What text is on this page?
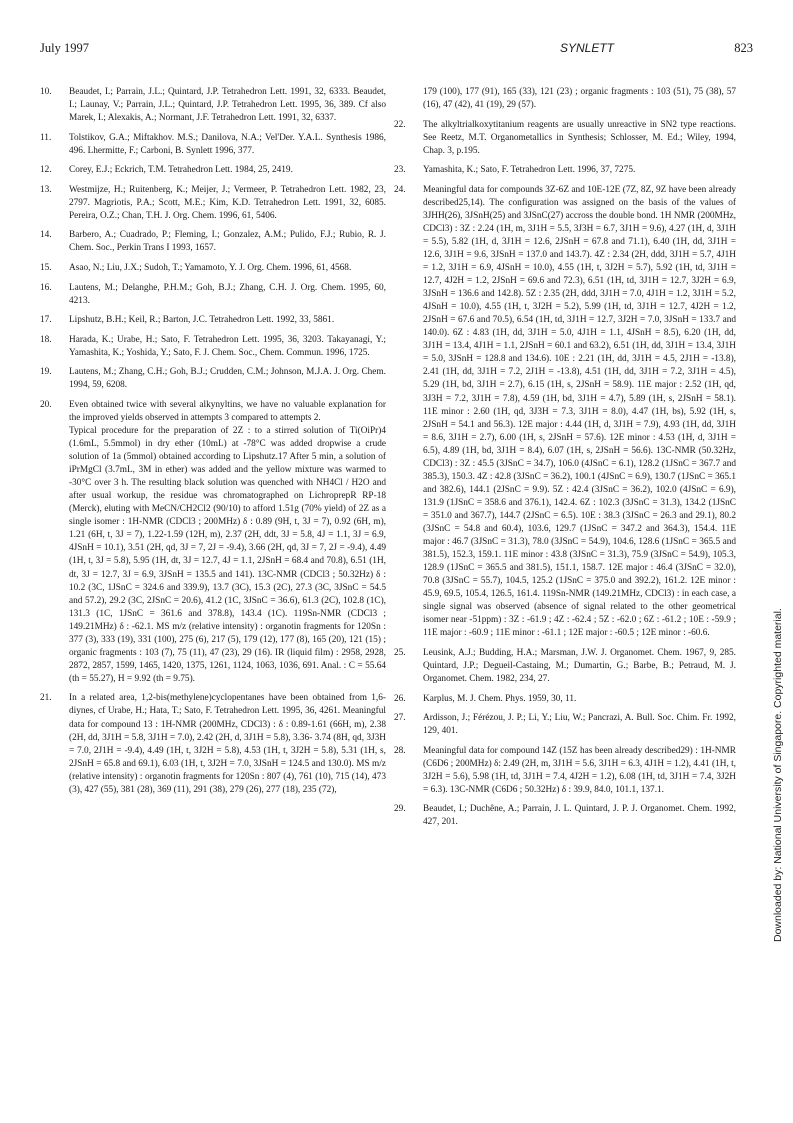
July 1997	SYNLETT	823
10. Beaudet, I.; Parrain, J.L.; Quintard, J.P. Tetrahedron Lett. 1991, 32, 6333. Beaudet, I.; Launay, V.; Parrain, J.L.; Quintard, J.P. Tetrahedron Lett. 1995, 36, 389. Cf also Marek, I.; Alexakis, A.; Normant, J.F. Tetrahedron Lett. 1991, 32, 6337.
11. Tolstikov, G.A.; Miftakhov. M.S.; Danilova, N.A.; Vel'Der. Y.A.L. Synthesis 1986, 496. Lhermitte, F.; Carboni, B. Synlett 1996, 377.
12. Corey, E.J.; Eckrich, T.M. Tetrahedron Lett. 1984, 25, 2419.
13. Westmijze, H.; Ruitenberg, K.; Meijer, J.; Vermeer, P. Tetrahedron Lett. 1982, 23, 2797. Magriotis, P.A.; Scott, M.E.; Kim, K.D. Tetrahedron Lett. 1991, 32, 6085. Pereira, O.Z.; Chan, T.H. J. Org. Chem. 1996, 61, 5406.
14. Barbero, A.; Cuadrado, P.; Fleming, I.; Gonzalez, A.M.; Pulido, F.J.; Rubio, R. J. Chem. Soc., Perkin Trans I 1993, 1657.
15. Asao, N.; Liu, J.X.; Sudoh, T.; Yamamoto, Y. J. Org. Chem. 1996, 61, 4568.
16. Lautens, M.; Delanghe, P.H.M.; Goh, B.J.; Zhang, C.H. J. Org. Chem. 1995, 60, 4213.
17. Lipshutz, B.H.; Keil, R.; Barton, J.C. Tetrahedron Lett. 1992, 33, 5861.
18. Harada, K.; Urabe, H.; Sato, F. Tetrahedron Lett. 1995, 36, 3203. Takayanagi, Y.; Yamashita, K.; Yoshida, Y.; Sato, F. J. Chem. Soc., Chem. Commun. 1996, 1725.
19. Lautens, M.; Zhang, C.H.; Goh, B.J.; Crudden, C.M.; Johnson, M.J.A. J. Org. Chem. 1994, 59, 6208.
20. Even obtained twice with several alkynyltins, we have no valuable explanation for the improved yields observed in attempts 3 compared to attempts 2.
Typical procedure for the preparation of 2Z : to a stirred solution of Ti(OiPr)4 (1.6mL, 5.5mmol) in dry ether (10mL) at -78°C was added dropwise a crude solution of 1a (5mmol) obtained according to Lipshutz.17 After 5 min, a solution of iPrMgCl (3.7mL, 3M in ether) was added and the yellow mixture was warmed to -30°C over 3 h. The resulting black solution was quenched with NH4Cl / H2O and after usual workup, the residue was chromatographed on LichroprepR RP-18 (Merck), eluting with MeCN/CH2Cl2 (90/10) to afford 1.51g (70% yield) of 2Z as a single isomer : 1H-NMR (CDCl3 ; 200MHz) δ : 0.89 (9H, t, 3J = 7), 0.92 (6H, m), 1.21 (6H, t, 3J = 7), 1.22-1.59 (12H, m), 2.37 (2H, ddt, 3J = 5.8, 4J = 1.1, 3J = 6.9, 4JSnH = 10.1), 3.51 (2H, qd, 3J = 7, 2J = -9.4), 3.66 (2H, qd, 3J = 7, 2J = -9.4), 4.49 (1H, t, 3J = 5.8), 5.95 (1H, dt, 3J = 12.7, 4J = 1.1, 2JSnH = 68.4 and 70.8), 6.51 (1H, dt, 3J = 12.7, 3J = 6.9, 3JSnH = 135.5 and 141). 13C-NMR (CDCl3 ; 50.32Hz) δ : 10.2 (3C, 1JSnC = 324.6 and 339.9), 13.7 (3C), 15.3 (2C), 27.3 (3C, 3JSnC = 54.5 and 57.2), 29.2 (3C, 2JSnC = 20.6), 41.2 (1C, 3JSnC = 36.6), 61.3 (2C), 102.8 (1C), 131.3 (1C, 1JSnC = 361.6 and 378.8), 143.4 (1C). 119Sn-NMR (CDCl3 ; 149.21MHz) δ : -62.1. MS m/z (relative intensity) : organotin fragments for 120Sn : 377 (3), 333 (19), 331 (100), 275 (6), 217 (5), 179 (12), 177 (8), 165 (20), 121 (15) ; organic fragments : 103 (7), 75 (11), 47 (23), 29 (16). IR (liquid film) : 2958, 2928, 2872, 2857, 1599, 1465, 1420, 1375, 1261, 1124, 1063, 1036, 691. Anal. : C = 55.64 (th = 55.27), H = 9.92 (th = 9.75).
21. In a related area, 1,2-bis(methylene)cyclopentanes have been obtained from 1,6-diynes, cf Urabe, H.; Hata, T.; Sato, F. Tetrahedron Lett. 1995, 36, 4261. Meaningful data for compound 13 : 1H-NMR (200MHz, CDCl3) : δ : 0.89-1.61 (66H, m), 2.38 (2H, dd, 3J1H = 5.8, 3J1H = 7.0), 2.42 (2H, d, 3J1H = 5.8), 3.36- 3.74 (8H, qd, 3J3H = 7.0, 2J1H = -9.4), 4.49 (1H, t, 3J2H = 5.8), 4.53 (1H, t, 3J2H = 5.8), 5.31 (1H, s, 2JSnH = 65.8 and 69.1), 6.03 (1H, t, 3J2H = 7.0, 3JSnH = 124.5 and 130.0). MS m/z (relative intensity) : organotin fragments for 120Sn : 807 (4), 761 (10), 715 (14), 473 (3), 427 (55), 381 (28), 369 (11), 291 (38), 279 (26), 277 (18), 235 (72),
179 (100), 177 (91), 165 (33), 121 (23) ; organic fragments : 103 (51), 75 (38), 57 (16), 47 (42), 41 (19), 29 (57).
22. The alkyltrialkoxytitanium reagents are usually unreactive in SN2 type reactions. See Reetz, M.T. Organometallics in Synthesis; Schlosser, M. Ed.; Wiley, 1994, Chap. 3, p.195.
23. Yamashita, K.; Sato, F. Tetrahedron Lett. 1996, 37, 7275.
24. Meaningful data for compounds 3Z-6Z and 10E-12E (7Z, 8Z, 9Z have been already described25,14). The configuration was assigned on the basis of the values of 3JHH(26), 3JSnH(25) and 3JSnC(27) accross the double bond. 1H NMR (200MHz, CDCl3) : 3Z : 2.24 (1H, m, 3J1H = 5.5, 3J3H = 6.7, 3J1H = 9.6), 4.27 (1H, d, 3J1H = 5.5), 5.82 (1H, d, 3J1H = 12.6, 2JSnH = 67.8 and 71.1), 6.40 (1H, dd, 3J1H = 12.6, 3J1H = 9.6, 3JSnH = 137.0 and 143.7). 4Z : 2.34 (2H, ddd, 3J1H = 5.7, 4J1H = 1.2, 3J1H = 6.9, 4JSnH = 10.0), 4.55 (1H, t, 3J2H = 5.7), 5.92 (1H, td, 3J1H = 12.7, 4J2H = 1.2, 2JSnH = 69.6 and 72.3), 6.51 (1H, td, 3J1H = 12.7, 3J2H = 6.9, 3JSnH = 136.6 and 142.8). 5Z : 2.35 (2H, ddd, 3J1H = 7.0, 4J1H = 1.2, 3J1H = 5.2, 4JSnH = 10.0), 4.55 (1H, t, 3J2H = 5.2), 5.99 (1H, td, 3J1H = 12.7, 4J2H = 1.2, 2JSnH = 67.6 and 70.5), 6.54 (1H, td, 3J1H = 12.7, 3J2H = 7.0, 3JSnH = 133.7 and 140.0). 6Z : 4.83 (1H, dd, 3J1H = 5.0, 4J1H = 1.1, 4JSnH = 8.5), 6.20 (1H, dd, 3J1H = 13.4, 4J1H = 1.1, 2JSnH = 60.1 and 63.2), 6.51 (1H, dd, 3J1H = 13.4, 3J1H = 5.0, 3JSnH = 128.8 and 134.6). 10E : 2.21 (1H, dd, 3J1H = 4.5, 2J1H = -13.8), 2.41 (1H, dd, 3J1H = 7.2, 2J1H = -13.8), 4.51 (1H, dd, 3J1H = 7.2, 3J1H = 4.5), 5.29 (1H, bd, 3J1H = 2.7), 6.15 (1H, s, 2JSnH = 58.9). 11E major : 2.52 (1H, qd, 3J3H = 7.2, 3J1H = 7.8), 4.59 (1H, bd, 3J1H = 4.7), 5.89 (1H, s, 2JSnH = 58.1). 11E minor : 2.60 (1H, qd, 3J3H = 7.3, 3J1H = 8.0), 4.47 (1H, bs), 5.92 (1H, s, 2JSnH = 54.1 and 56.3). 12E major : 4.44 (1H, d, 3J1H = 7.9), 4.93 (1H, dd, 3J1H = 8.6, 3J1H = 2.7), 6.00 (1H, s, 2JSnH = 57.6). 12E minor : 4.53 (1H, d, 3J1H = 6.5), 4.89 (1H, bd, 3J1H = 8.4), 6.07 (1H, s, 2JSnH = 56.6). 13C-NMR (50.32Hz, CDCl3) : 3Z : 45.5 (3JSnC = 34.7), 106.0 (4JSnC = 6.1), 128.2 (1JSnC = 367.7 and 385.3), 150.3. 4Z : 42.8 (3JSnC = 36.2), 100.1 (4JSnC = 6.9), 130.7 (1JSnC = 365.1 and 382.6), 144.1 (2JSnC = 9.9). 5Z : 42.4 (3JSnC = 36.2), 102.0 (4JSnC = 6.9), 131.9 (1JSnC = 358.6 and 376.1), 142.4. 6Z : 102.3 (3JSnC = 31.3), 134.2 (1JSnC = 351.0 and 367.7), 144.7 (2JSnC = 6.5). 10E : 38.3 (3JSnC = 26.3 and 29.1), 80.2 (3JSnC = 54.8 and 60.4), 103.6, 129.7 (1JSnC = 347.2 and 364.3), 154.4. 11E major : 46.7 (3JSnC = 31.3), 78.0 (3JSnC = 54.9), 104.6, 128.6 (1JSnC = 365.5 and 381.5), 152.3, 159.1. 11E minor : 43.8 (3JSnC = 31.3), 75.9 (3JSnC = 54.9), 105.3, 128.9 (1JSnC = 365.5 and 381.5), 151.1, 158.7. 12E major : 46.4 (3JSnC = 32.0), 70.8 (3JSnC = 55.7), 104.5, 125.2 (1JSnC = 375.0 and 392.2), 161.2. 12E minor : 45.9, 69.5, 105.4, 126.5, 161.4. 119Sn-NMR (149.21MHz, CDCl3) : in each case, a single signal was observed (absence of signal related to the other geometrical isomer near -51ppm) : 3Z : -61.9 ; 4Z : -62.4 ; 5Z : -62.0 ; 6Z : -61.2 ; 10E : -59.9 ; 11E major : -60.9 ; 11E minor : -61.1 ; 12E major : -60.5 ; 12E minor : -60.6.
25. Leusink, A.J.; Budding, H.A.; Marsman, J.W. J. Organomet. Chem. 1967, 9, 285. Quintard, J.P.; Degueil-Castaing, M.; Dumartin, G.; Barbe, B.; Petraud, M. J. Organomet. Chem. 1982, 234, 27.
26. Karplus, M. J. Chem. Phys. 1959, 30, 11.
27. Ardisson, J.; Férézou, J. P.; Li, Y.; Liu, W.; Pancrazi, A. Bull. Soc. Chim. Fr. 1992, 129, 401.
28. Meaningful data for compound 14Z (15Z has been already described29) : 1H-NMR (C6D6 ; 200MHz) δ: 2.49 (2H, m, 3J1H = 5.6, 3J1H = 6.3, 4J1H = 1.2), 4.41 (1H, t, 3J2H = 5.6), 5.98 (1H, td, 3J1H = 7.4, 4J2H = 1.2), 6.08 (1H, td, 3J1H = 7.4, 3J2H = 6.3). 13C-NMR (C6D6 ; 50.32Hz) δ : 39.9, 84.0, 101.1, 137.1.
29. Beaudet, I.; Duchêne, A.; Parrain, J. L. Quintard, J. P. J. Organomet. Chem. 1992, 427, 201.	Downloaded by: National University of Singapore. Copyrighted material.
